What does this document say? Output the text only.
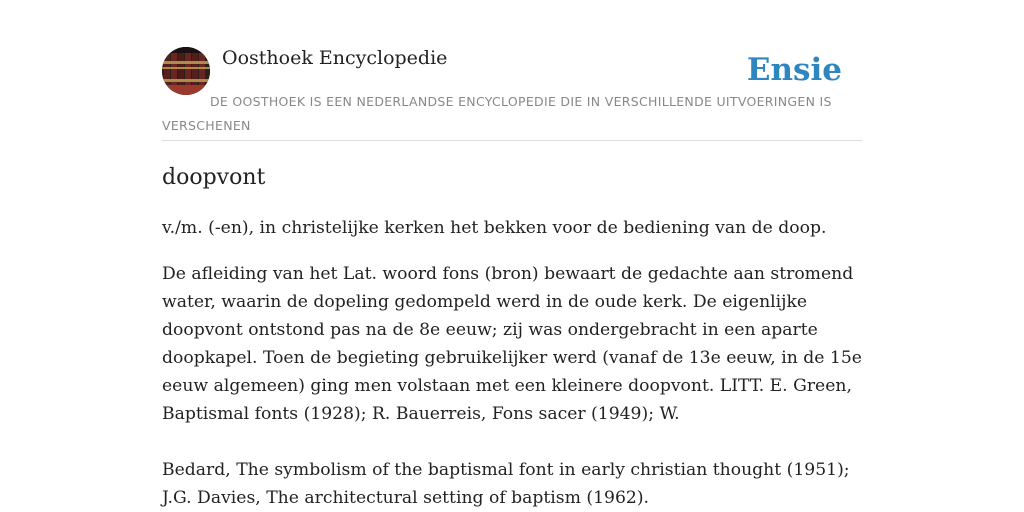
Oosthoek Encyclopedie	Ensie
DE OOSTHOEK IS EEN NEDERLANDSE ENCYCLOPEDIE DIE IN VERSCHILLENDE UITVOERINGEN IS VERSCHENEN
doopvont

v./m. (-en), in christelijke kerken het bekken voor de bediening van de doop.

De afleiding van het Lat. woord fons (bron) bewaart de gedachte aan stromend
water, waarin de dopeling gedompeld werd in de oude kerk. De eigenlijke
doopvont ontstond pas na de 8e eeuw; zij was ondergebracht in een aparte
doopkapel. Toen de begieting gebruikelijker werd (vanaf de 13e eeuw, in de 15e
eeuw algemeen) ging men volstaan met een kleinere doopvont. LITT. E. Green,
Baptismal fonts (1928); R. Bauerreis, Fons sacer (1949); W.
Bedard, The symbolism of the baptismal font in early christian thought (1951);
J.G. Davies, The architectural setting of baptism (1962).
